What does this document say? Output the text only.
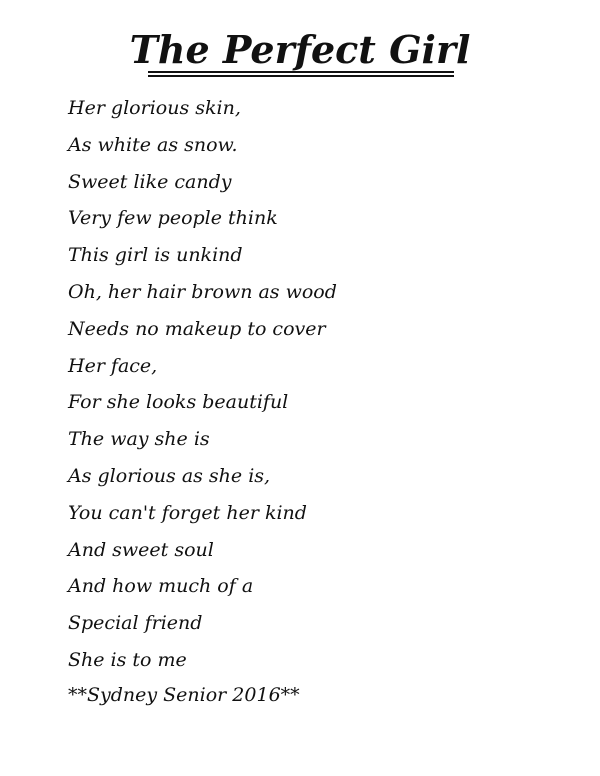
The Perfect Girl
Her glorious skin,
As white as snow.
Sweet like candy
Very few people think
This girl is unkind
Oh, her hair brown as wood
Needs no makeup to cover
Her face,
For she looks beautiful
The way she is
As glorious as she is,
You can't forget her kind
And sweet soul
And how much of a
Special friend
She is to me
**Sydney Senior 2016**
